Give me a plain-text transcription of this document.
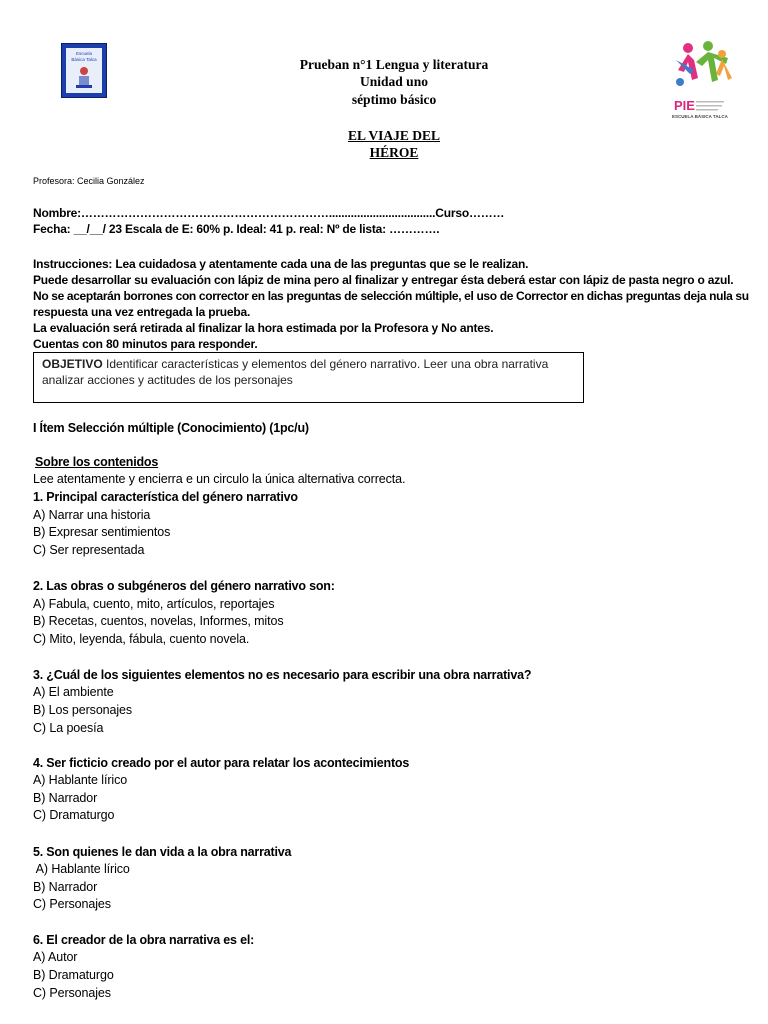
Escuela
Básica Talca	Prueban n°1 Lengua y literatura
Unidad uno
séptimo básico	PIE
ESCUELA BÁSICA TALCA
EL VIAJE DEL
HÉROE
Profesora: Cecilia González
Nombre:………………………………………………………..................................Curso………
Fecha: __/__/ 23 Escala de E: 60% p. Ideal: 41 p. real: Nº de lista: ………….
Instrucciones: Lea cuidadosa y atentamente cada una de las preguntas que se le realizan.
Puede desarrollar su evaluación con lápiz de mina pero al finalizar y entregar ésta deberá estar con lápiz de pasta negro o azul.
No se aceptarán borrones con corrector en las preguntas de selección múltiple, el uso de Corrector en dichas preguntas deja nula su
respuesta una vez entregada la prueba.
La evaluación será retirada al finalizar la hora estimada por la Profesora y No antes.
Cuentas con 80 minutos para responder.
OBJETIVO Identificar características y elementos del género narrativo. Leer una obra narrativa analizar acciones y actitudes de los personajes
I Ítem Selección múltiple (Conocimiento) (1pc/u)
Sobre los contenidos
Lee atentamente y encierra e un circulo la única alternativa correcta.
1. Principal característica del género narrativo
A) Narrar una historia
B) Expresar sentimientos
C) Ser representada
2. Las obras o subgéneros del género narrativo son:
A) Fabula, cuento, mito, artículos, reportajes
B) Recetas, cuentos, novelas, Informes, mitos
C) Mito, leyenda, fábula, cuento novela.
3. ¿Cuál de los siguientes elementos no es necesario para escribir una obra narrativa?
A) El ambiente
B) Los personajes
C) La poesía
4. Ser ficticio creado por el autor para relatar los acontecimientos
A) Hablante lírico
B) Narrador
C) Dramaturgo
5. Son quienes le dan vida a la obra narrativa
A) Hablante lírico
B) Narrador
C) Personajes
6. El creador de la obra narrativa es el:
A) Autor
B) Dramaturgo
C) Personajes
